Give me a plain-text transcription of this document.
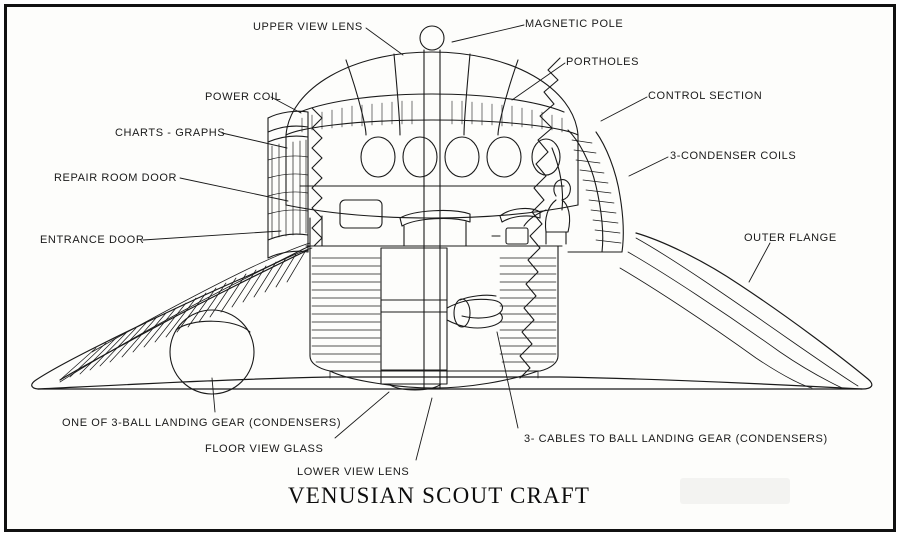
UPPER VIEW LENS	MAGNETIC POLE
PORTHOLES
POWER COIL	CONTROL SECTION
CHARTS - GRAPHS
3-CONDENSER COILS
REPAIR ROOM DOOR
OUTER FLANGE
ENTRANCE DOOR
ONE OF 3-BALL LANDING GEAR (CONDENSERS)
FLOOR VIEW GLASS
3- CABLES TO BALL LANDING GEAR (CONDENSERS)
LOWER VIEW LENS
VENUSIAN SCOUT CRAFT
